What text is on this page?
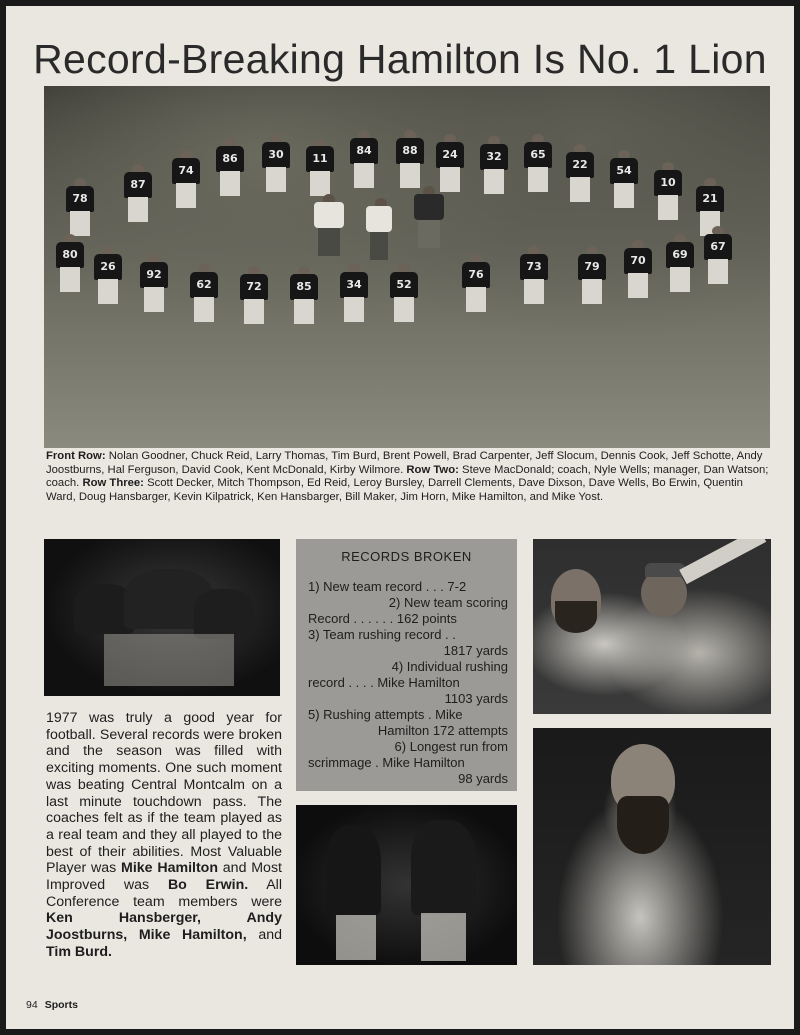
Record-Breaking Hamilton Is No. 1 Lion
78
87
74
86	30	11
84	88	24	32	65
22	54
10
21
80
26
92
62	72	85	34	52
76
73	79	70	69
67

Front Row: Nolan Goodner, Chuck Reid, Larry Thomas, Tim Burd, Brent Powell, Brad Carpenter, Jeff Slocum, Dennis Cook, Jeff Schotte, Andy Joostburns, Hal Ferguson, David Cook, Kent McDonald, Kirby Wilmore. Row Two: Steve MacDonald; coach, Nyle Wells; manager, Dan Watson; coach. Row Three: Scott Decker, Mitch Thompson, Ed Reid, Leroy Bursley, Darrell Clements, Dave Dixson, Dave Wells, Bo Erwin, Quentin Ward, Doug Hansbarger, Kevin Kilpatrick, Ken Hansbarger, Bill Maker, Jim Horn, Mike Hamilton, and Mike Yost.

1977 was truly a good year for football. Several records were broken and the season was filled with exciting moments. One such moment was beating Central Montcalm on a last minute touchdown pass. The coaches felt as if the team played as a real team and they all played to the best of their abilities. Most Valuable Player was Mike Hamilton and Most Improved was Bo Erwin. All Conference team members were Ken Hansberger, Andy Joostburns, Mike Hamilton, and Tim Burd.

RECORDS BROKEN
1) New team record . . . 7-2
2) New team scoring
Record . . . . . . 162 points
3) Team rushing record . .
1817 yards
4) Individual rushing
record . . . . Mike Hamilton
1103 yards
5) Rushing attempts . Mike
Hamilton 172 attempts
6) Longest run from
scrimmage . Mike Hamilton
98 yards
94 Sports
